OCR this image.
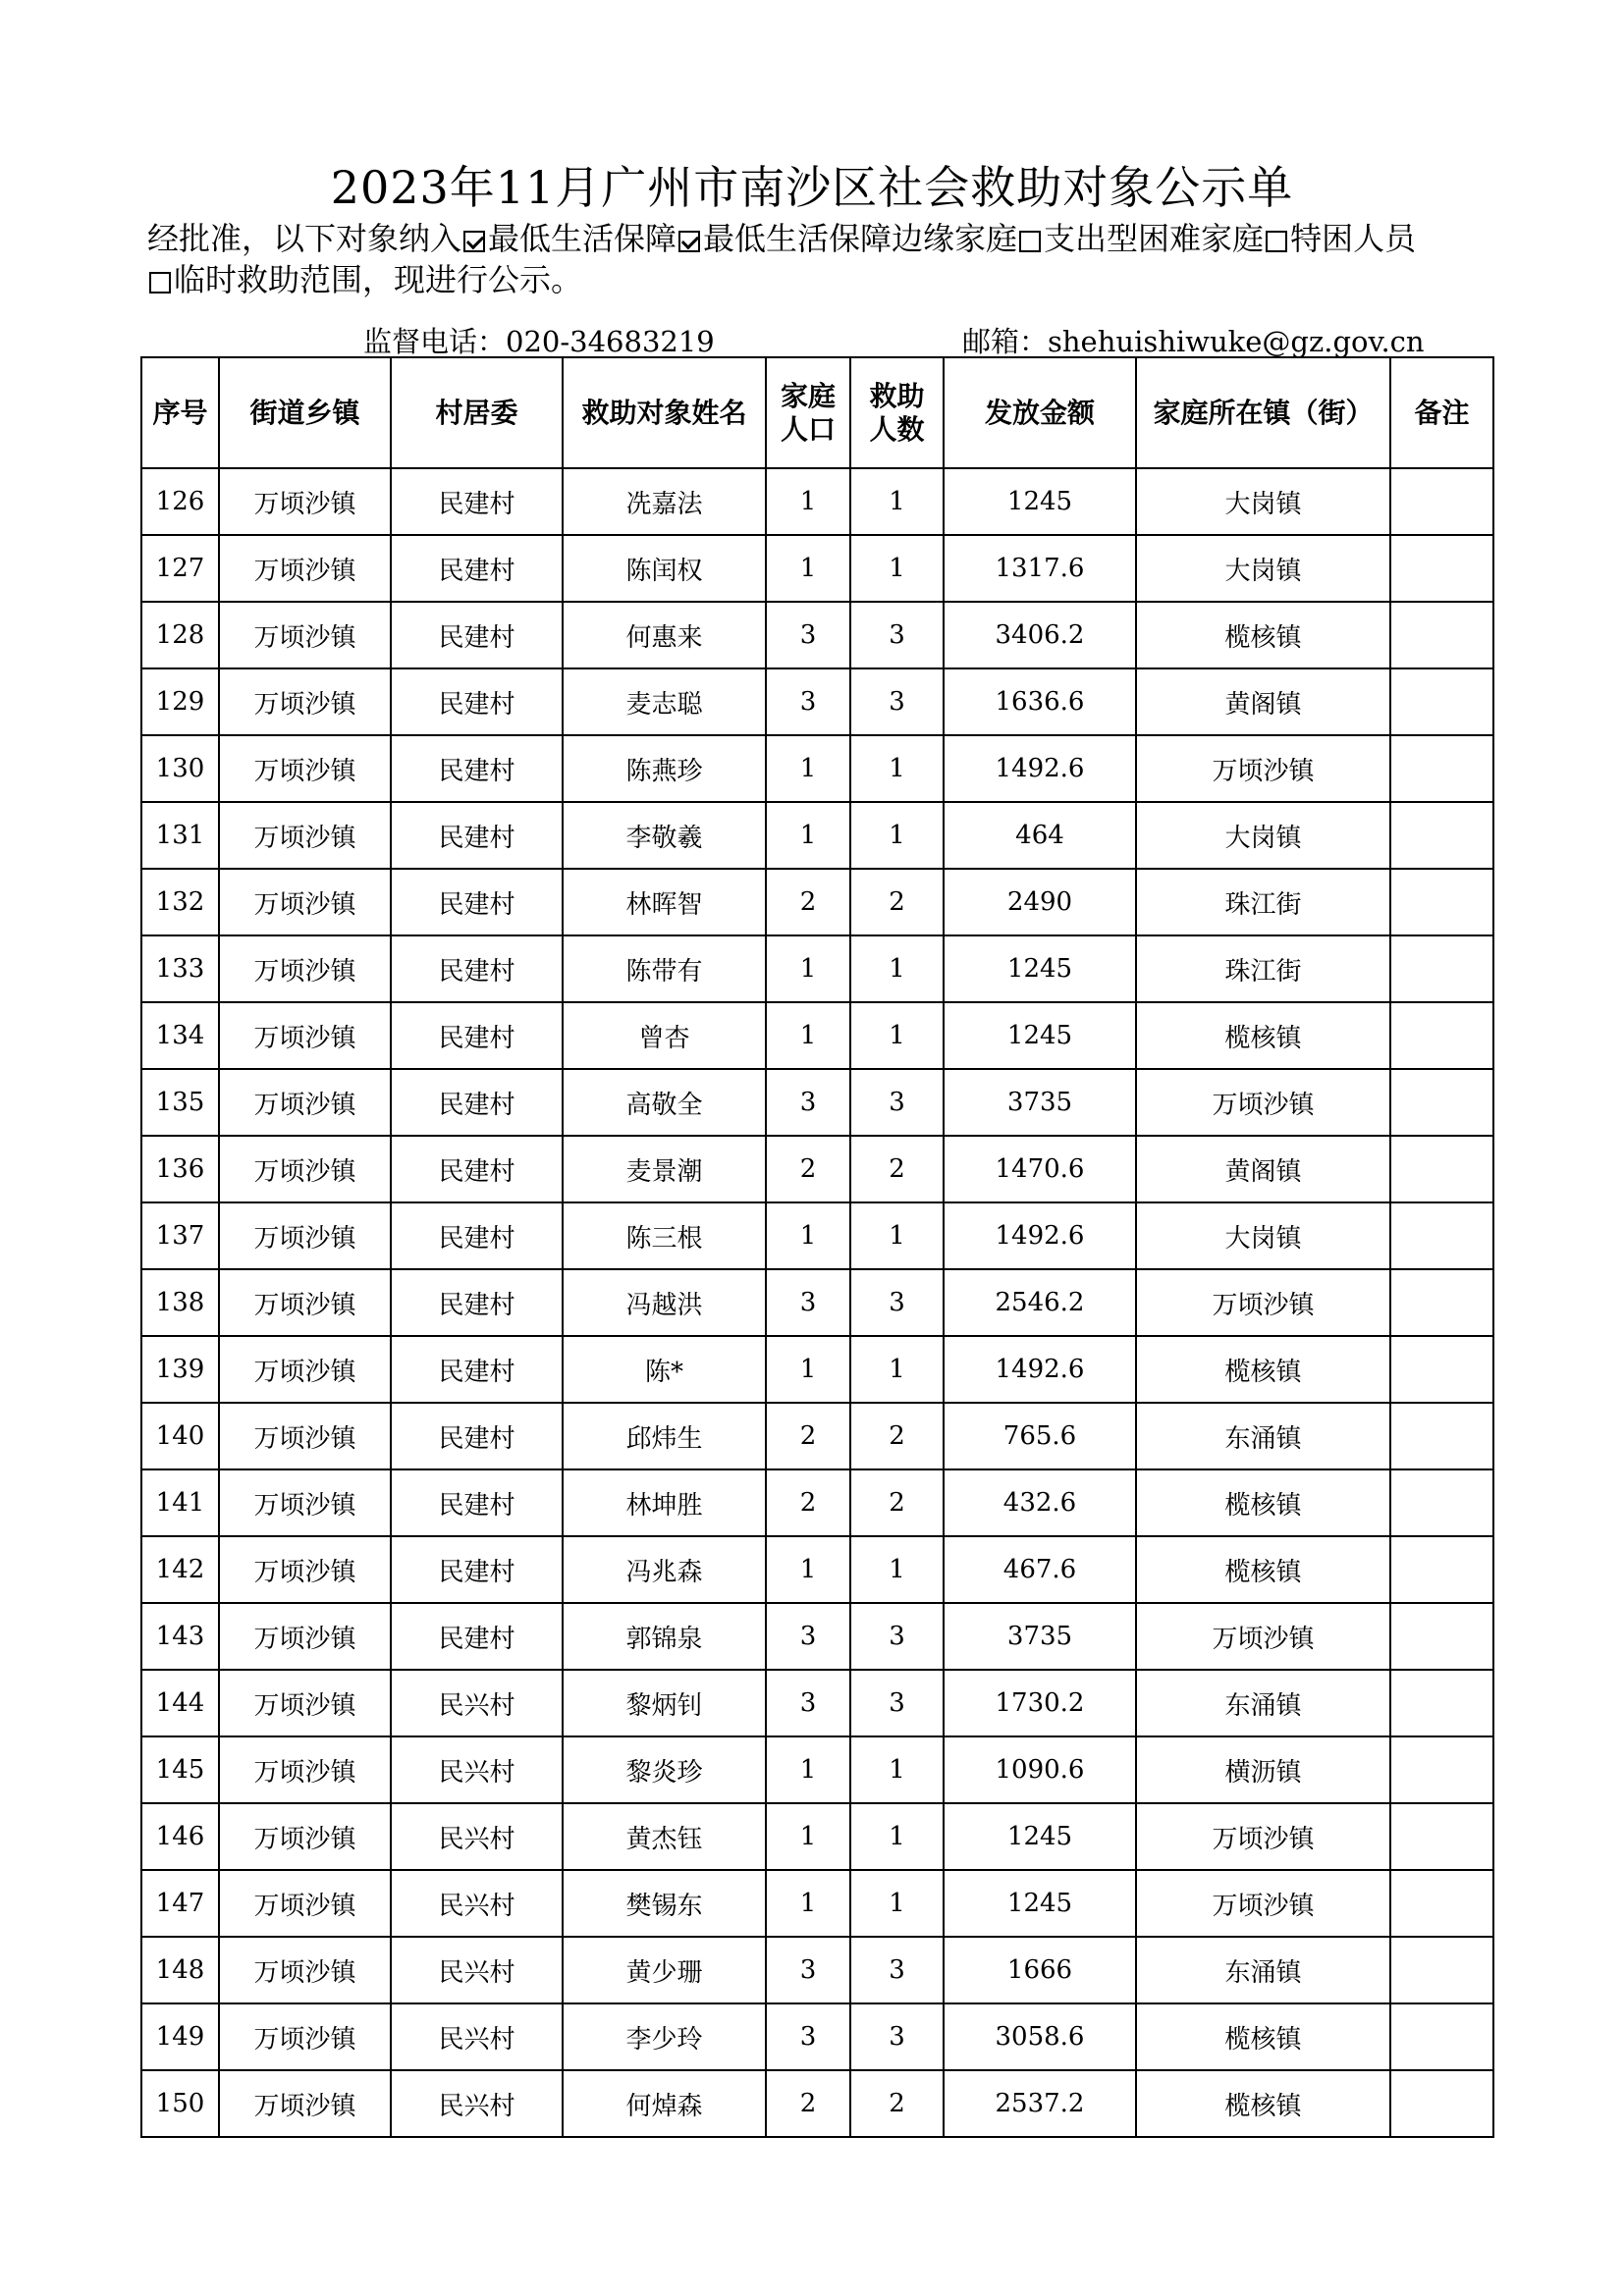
2023年11月广州市南沙区社会救助对象公示单
经批准，以下对象纳入 最低生活保障 最低生活保障边缘家庭 支出型困难家庭 特困人员
临时救助范围，现进行公示。
监督电话：020-34683219	邮箱：shehuishiwuke@gz.gov.cn
序号	街道乡镇	村居委	救助对象姓名	家庭人口	救助人数	发放金额	家庭所在镇（街）	备注
126	万顷沙镇	民建村	冼嘉法	1	1	1245	大岗镇	
127	万顷沙镇	民建村	陈闰权	1	1	1317.6	大岗镇	
128	万顷沙镇	民建村	何惠来	3	3	3406.2	榄核镇	
129	万顷沙镇	民建村	麦志聪	3	3	1636.6	黄阁镇	
130	万顷沙镇	民建村	陈燕珍	1	1	1492.6	万顷沙镇	
131	万顷沙镇	民建村	李敬羲	1	1	464	大岗镇	
132	万顷沙镇	民建村	林晖智	2	2	2490	珠江街	
133	万顷沙镇	民建村	陈带有	1	1	1245	珠江街	
134	万顷沙镇	民建村	曾杏	1	1	1245	榄核镇	
135	万顷沙镇	民建村	高敬全	3	3	3735	万顷沙镇	
136	万顷沙镇	民建村	麦景潮	2	2	1470.6	黄阁镇	
137	万顷沙镇	民建村	陈三根	1	1	1492.6	大岗镇	
138	万顷沙镇	民建村	冯越洪	3	3	2546.2	万顷沙镇	
139	万顷沙镇	民建村	陈*	1	1	1492.6	榄核镇	
140	万顷沙镇	民建村	邱炜生	2	2	765.6	东涌镇	
141	万顷沙镇	民建村	林坤胜	2	2	432.6	榄核镇	
142	万顷沙镇	民建村	冯兆森	1	1	467.6	榄核镇	
143	万顷沙镇	民建村	郭锦泉	3	3	3735	万顷沙镇	
144	万顷沙镇	民兴村	黎炳钊	3	3	1730.2	东涌镇	
145	万顷沙镇	民兴村	黎炎珍	1	1	1090.6	横沥镇	
146	万顷沙镇	民兴村	黄杰钰	1	1	1245	万顷沙镇	
147	万顷沙镇	民兴村	樊锡东	1	1	1245	万顷沙镇	
148	万顷沙镇	民兴村	黄少珊	3	3	1666	东涌镇	
149	万顷沙镇	民兴村	李少玲	3	3	3058.6	榄核镇	
150	万顷沙镇	民兴村	何焯森	2	2	2537.2	榄核镇	
